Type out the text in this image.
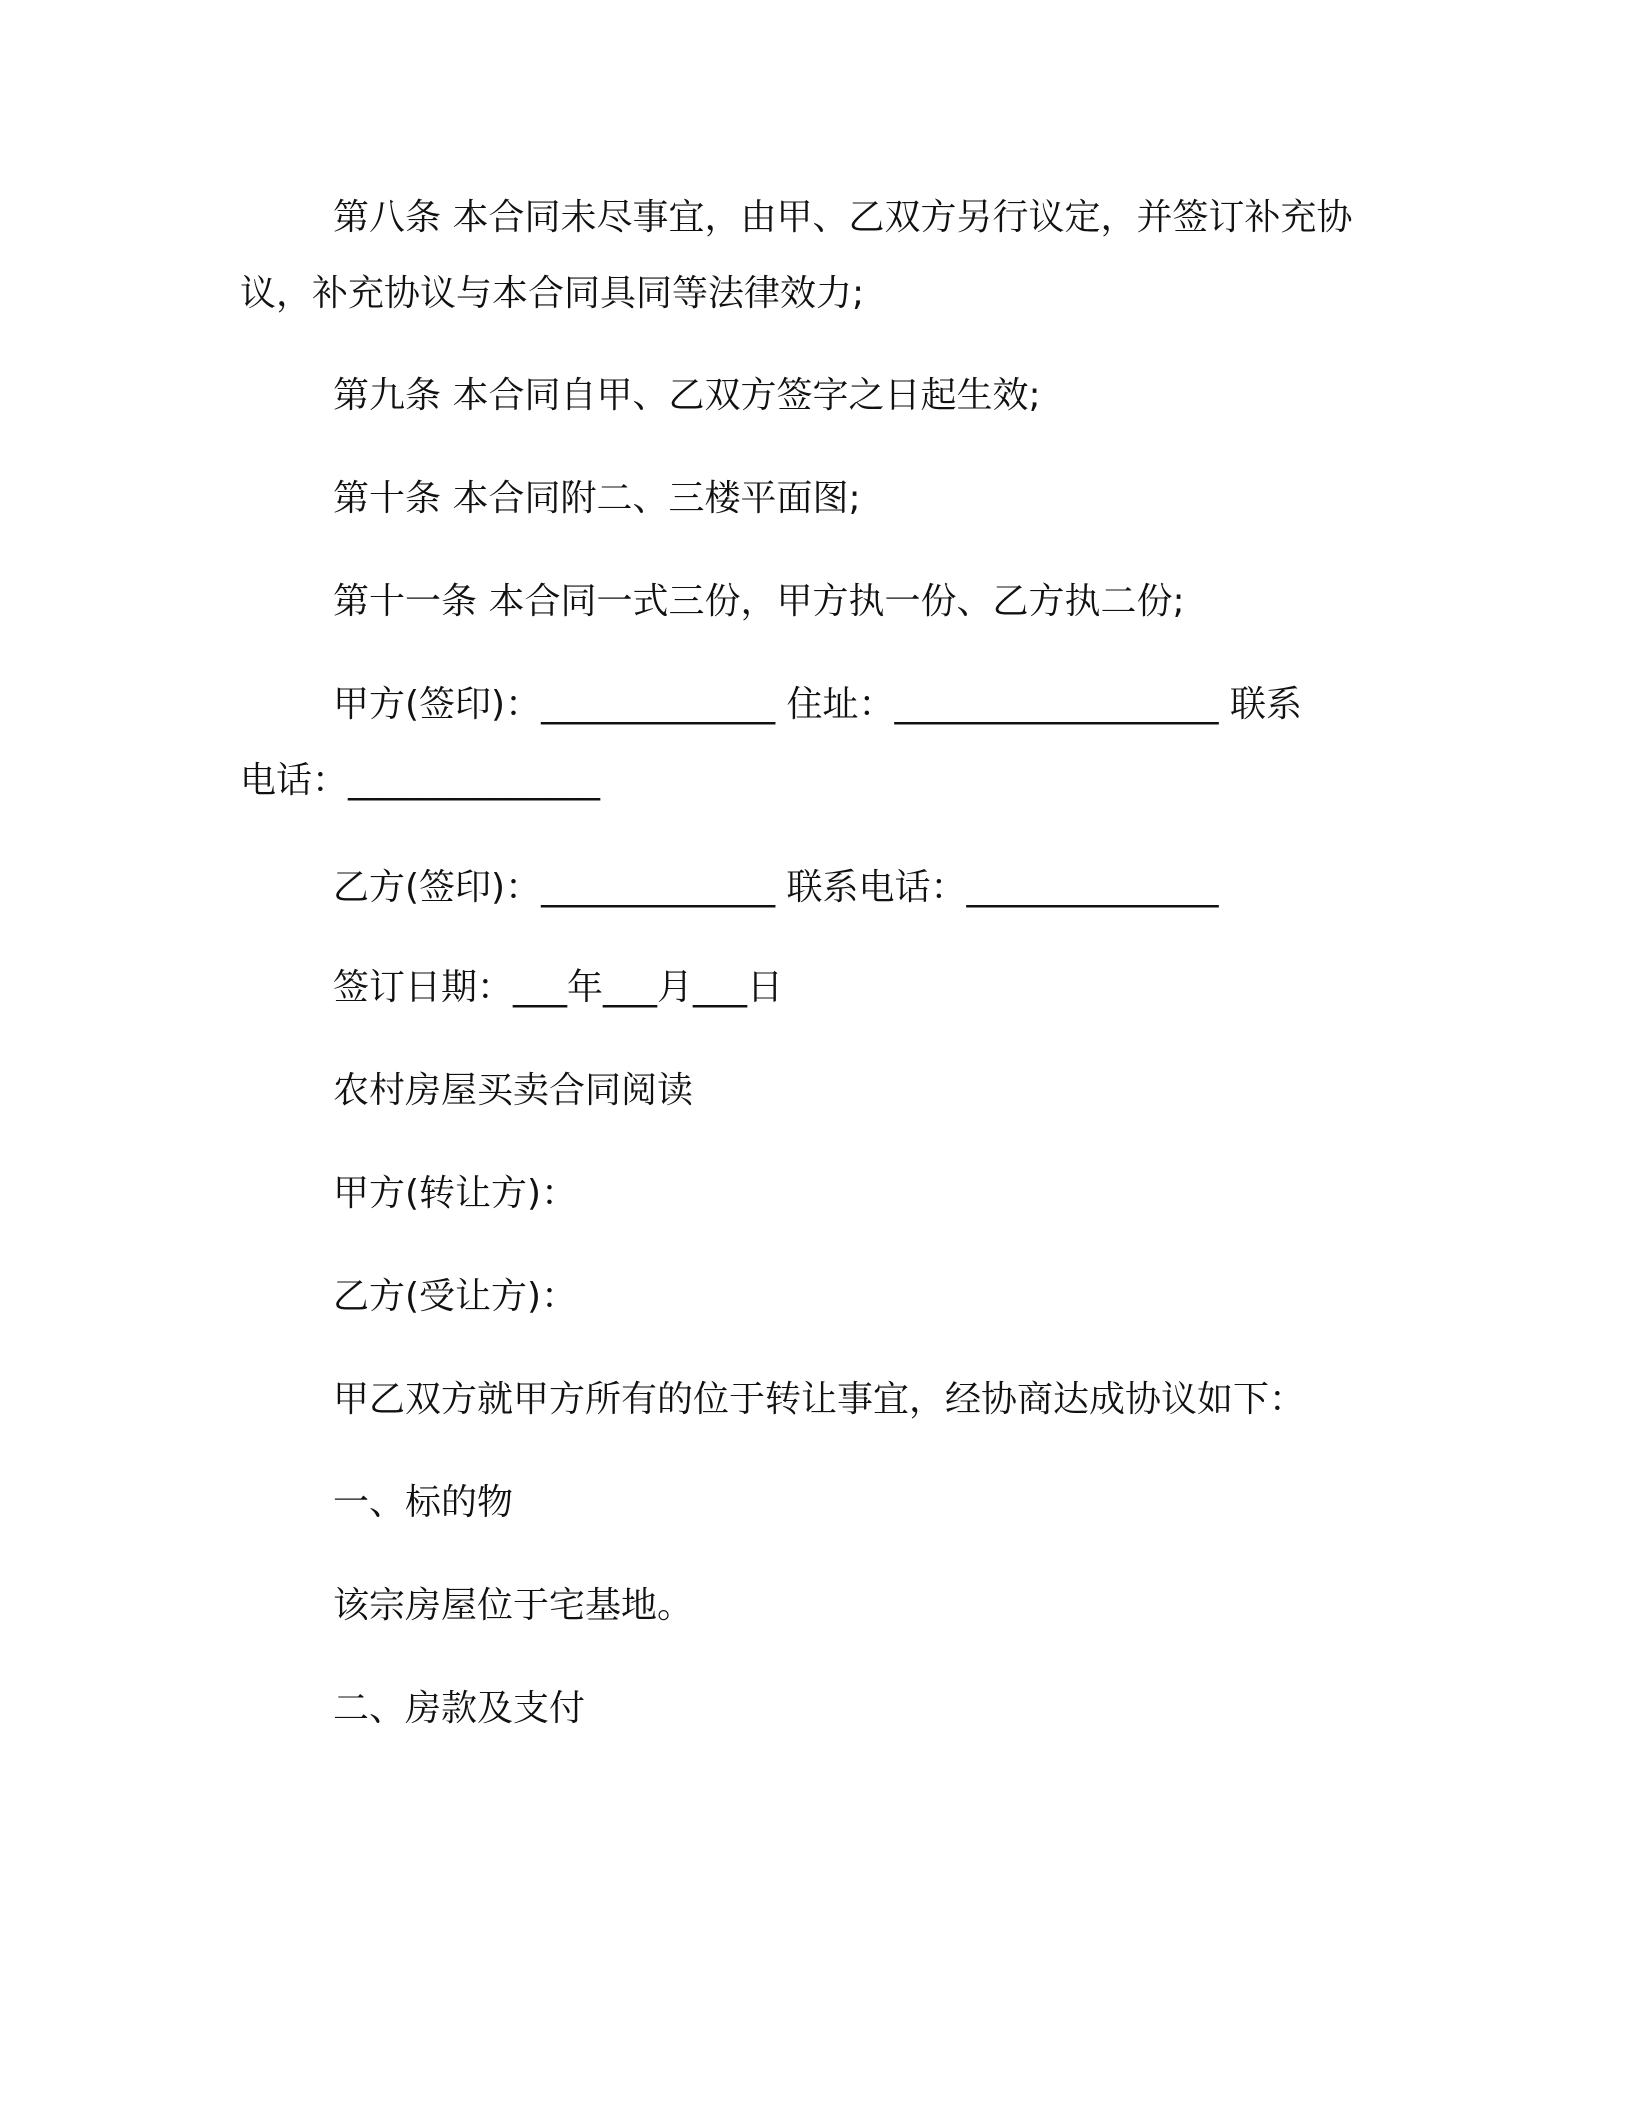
第八条 本合同未尽事宜，由甲、乙双方另行议定，并签订补充协
议，补充协议与本合同具同等法律效力;
第九条 本合同自甲、乙双方签字之日起生效;
第十条 本合同附二、三楼平面图;
第十一条 本合同一式三份，甲方执一份、乙方执二份;
甲方(签印)：_____________ 住址：__________________ 联系
电话：______________
乙方(签印)：_____________ 联系电话：______________
签订日期：___年___月___日
农村房屋买卖合同阅读
甲方(转让方)：
乙方(受让方)：
甲乙双方就甲方所有的位于转让事宜，经协商达成协议如下：
一、标的物
该宗房屋位于宅基地。
二、房款及支付
